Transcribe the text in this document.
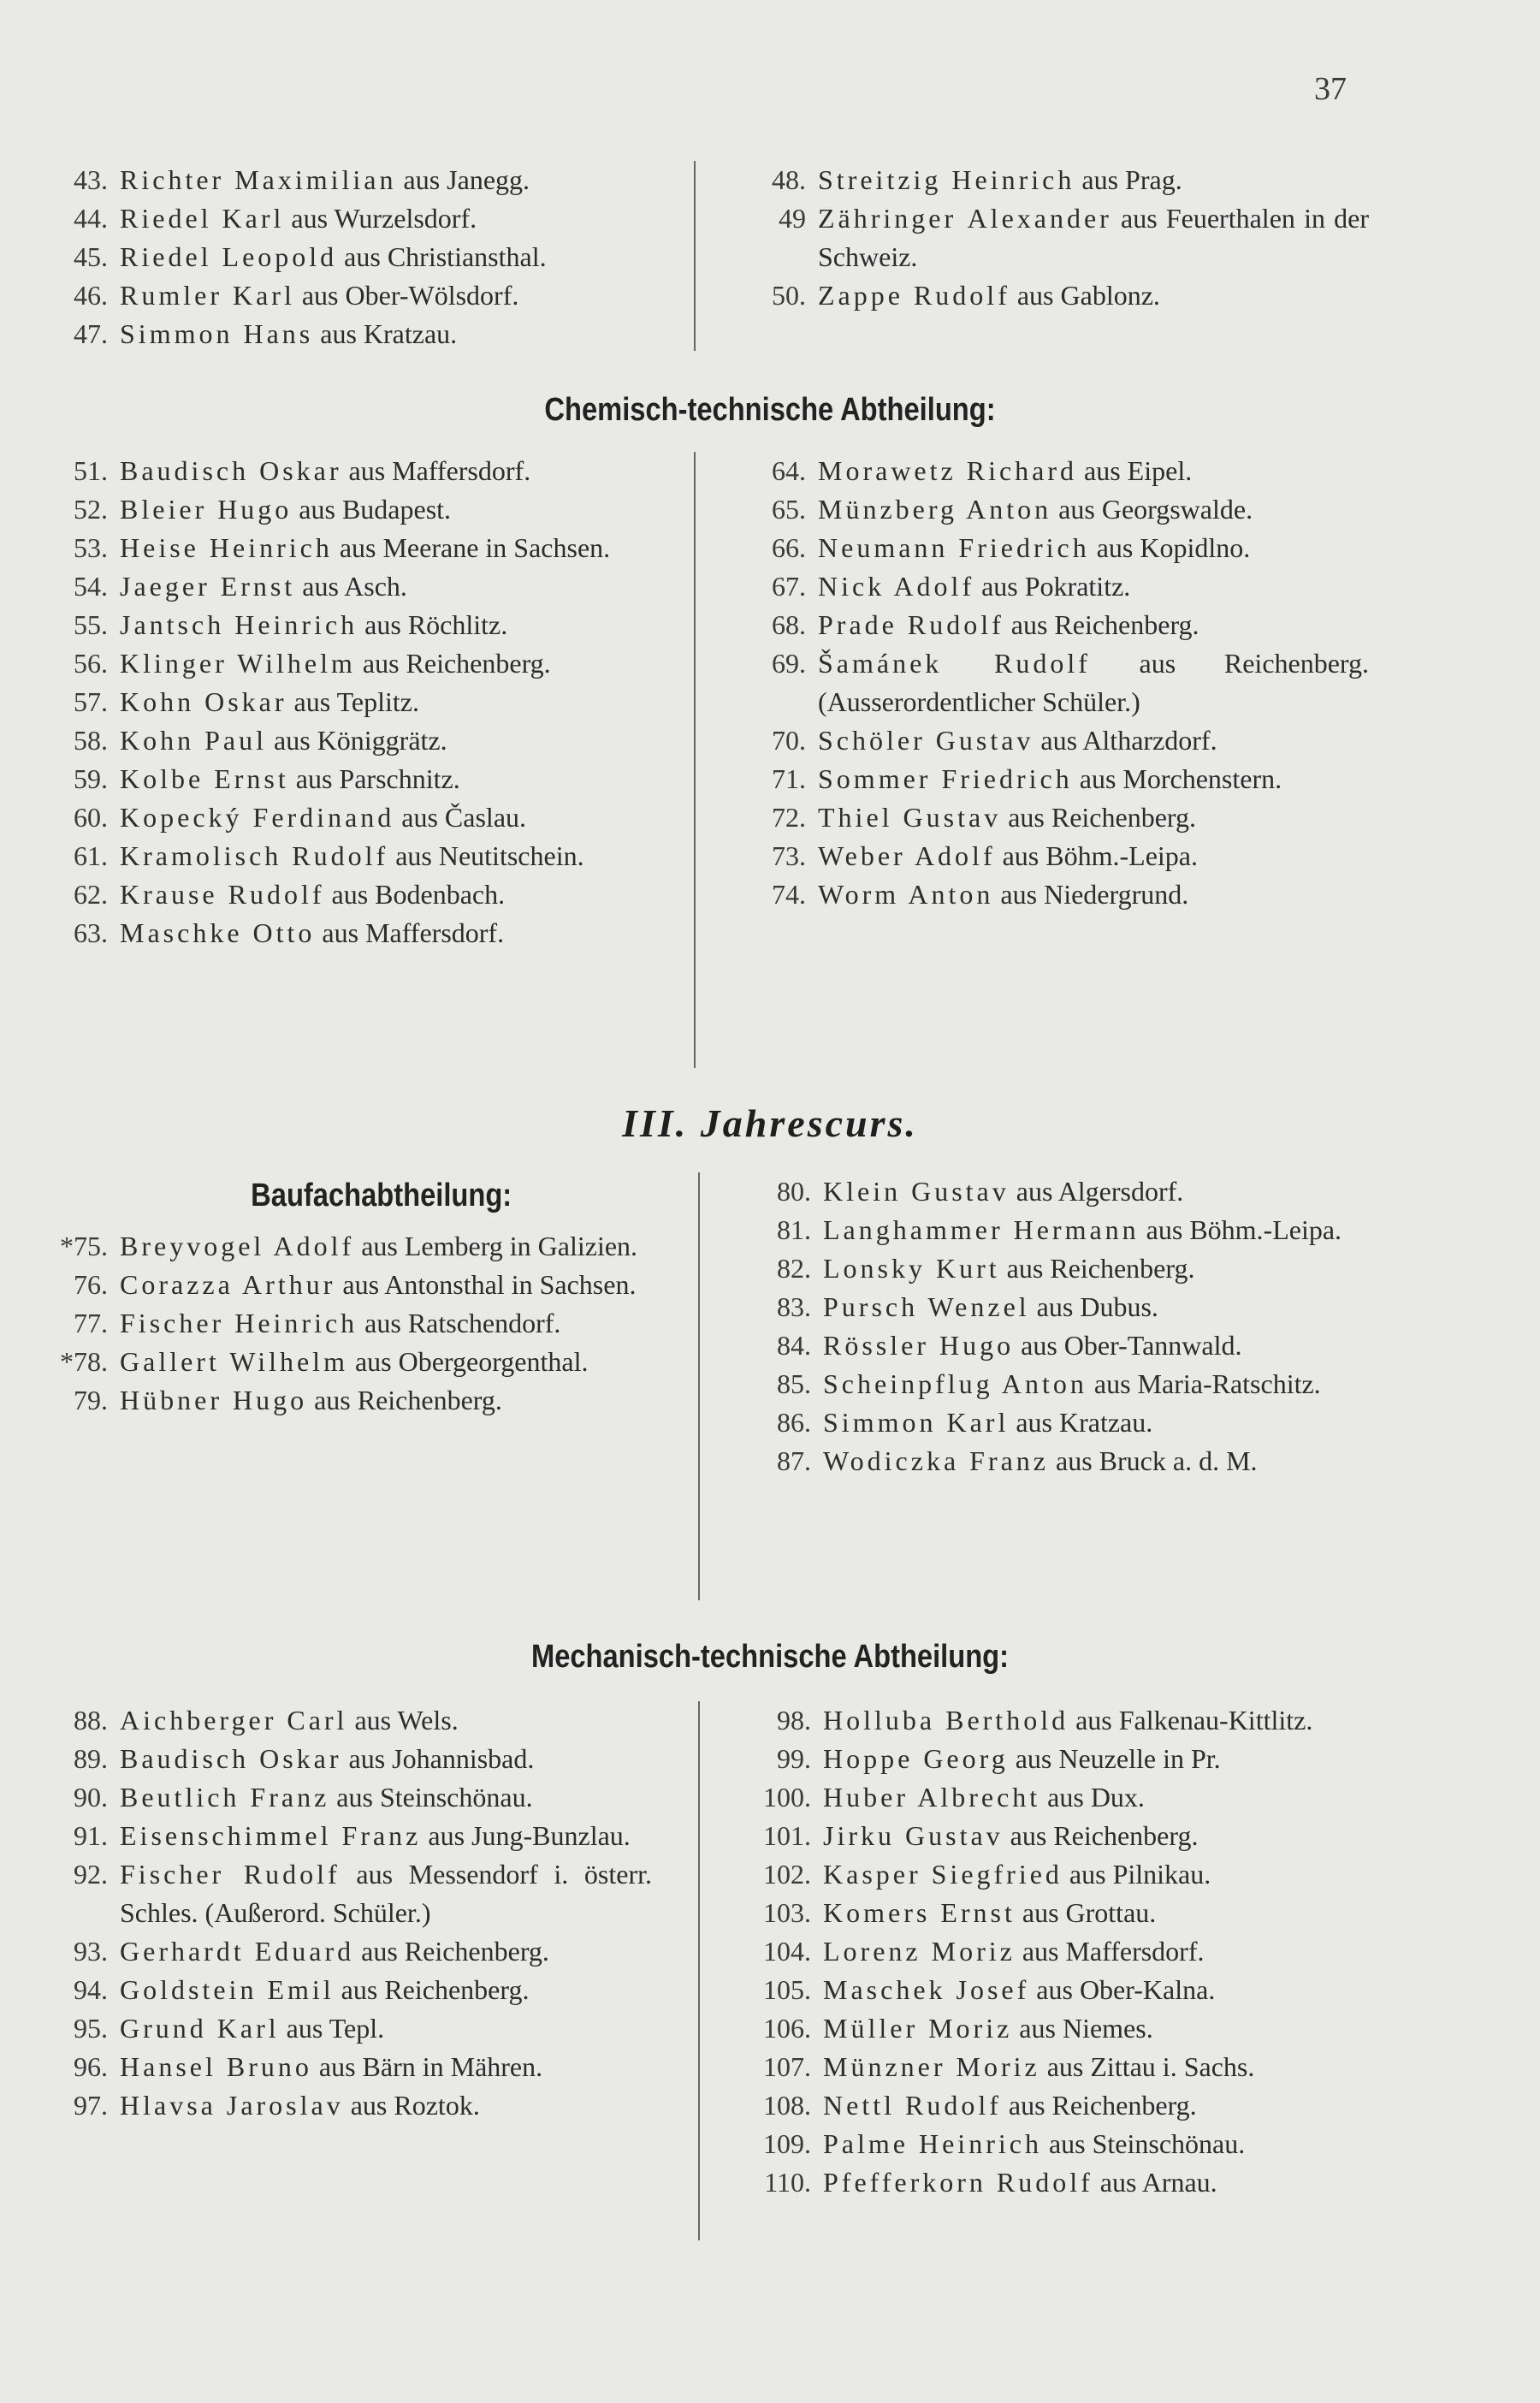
37
43. Richter Maximilian aus Janegg.
44. Riedel Karl aus Wurzelsdorf.
45. Riedel Leopold aus Christiansthal.
46. Rumler Karl aus Ober-Wölsdorf.
47. Simmon Hans aus Kratzau.
48. Streitzig Heinrich aus Prag.
49 Zähringer Alexander aus Feuerthalen in der Schweiz.
50. Zappe Rudolf aus Gablonz.
Chemisch-technische Abtheilung:
51. Baudisch Oskar aus Maffersdorf.
52. Bleier Hugo aus Budapest.
53. Heise Heinrich aus Meerane in Sachsen.
54. Jaeger Ernst aus Asch.
55. Jantsch Heinrich aus Röchlitz.
56. Klinger Wilhelm aus Reichenberg.
57. Kohn Oskar aus Teplitz.
58. Kohn Paul aus Königgrätz.
59. Kolbe Ernst aus Parschnitz.
60. Kopecký Ferdinand aus Časlau.
61. Kramolisch Rudolf aus Neutitschein.
62. Krause Rudolf aus Bodenbach.
63. Maschke Otto aus Maffersdorf.
64. Morawetz Richard aus Eipel.
65. Münzberg Anton aus Georgswalde.
66. Neumann Friedrich aus Kopidlno.
67. Nick Adolf aus Pokratitz.
68. Prade Rudolf aus Reichenberg.
69. Šamánek Rudolf aus Reichenberg. (Ausserordentlicher Schüler.)
70. Schöler Gustav aus Altharzdorf.
71. Sommer Friedrich aus Morchenstern.
72. Thiel Gustav aus Reichenberg.
73. Weber Adolf aus Böhm.-Leipa.
74. Worm Anton aus Niedergrund.
III. Jahrescurs.
Baufachabtheilung:
*75. Breyvogel Adolf aus Lemberg in Galizien.
76. Corazza Arthur aus Antonsthal in Sachsen.
77. Fischer Heinrich aus Ratschendorf.
*78. Gallert Wilhelm aus Obergeorgenthal.
79. Hübner Hugo aus Reichenberg.
80. Klein Gustav aus Algersdorf.
81. Langhammer Hermann aus Böhm.-Leipa.
82. Lonsky Kurt aus Reichenberg.
83. Pursch Wenzel aus Dubus.
84. Rössler Hugo aus Ober-Tannwald.
85. Scheinpflug Anton aus Maria-Ratschitz.
86. Simmon Karl aus Kratzau.
87. Wodiczka Franz aus Bruck a. d. M.
Mechanisch-technische Abtheilung:
88. Aichberger Carl aus Wels.
89. Baudisch Oskar aus Johannisbad.
90. Beutlich Franz aus Steinschönau.
91. Eisenschimmel Franz aus Jung-Bunzlau.
92. Fischer Rudolf aus Messendorf i. österr. Schles. (Außerord. Schüler.)
93. Gerhardt Eduard aus Reichenberg.
94. Goldstein Emil aus Reichenberg.
95. Grund Karl aus Tepl.
96. Hansel Bruno aus Bärn in Mähren.
97. Hlavsa Jaroslav aus Roztok.
98. Holluba Berthold aus Falkenau-Kittlitz.
99. Hoppe Georg aus Neuzelle in Pr.
100. Huber Albrecht aus Dux.
101. Jirku Gustav aus Reichenberg.
102. Kasper Siegfried aus Pilnikau.
103. Komers Ernst aus Grottau.
104. Lorenz Moriz aus Maffersdorf.
105. Maschek Josef aus Ober-Kalna.
106. Müller Moriz aus Niemes.
107. Münzner Moriz aus Zittau i. Sachs.
108. Nettl Rudolf aus Reichenberg.
109. Palme Heinrich aus Steinschönau.
110. Pfefferkorn Rudolf aus Arnau.
